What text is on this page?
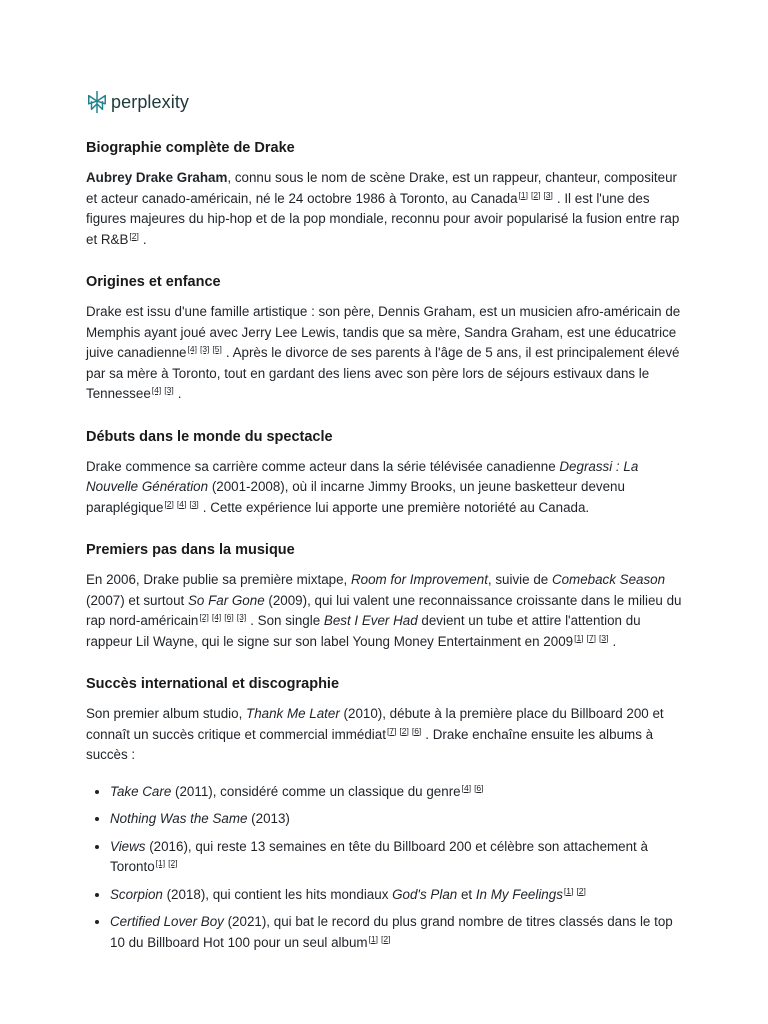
perplexity
Biographie complète de Drake

Aubrey Drake Graham, connu sous le nom de scène Drake, est un rappeur, chanteur, compositeur et acteur canado-américain, né le 24 octobre 1986 à Toronto, au Canada[1] [2] [3] . Il est l'une des figures majeures du hip-hop et de la pop mondiale, reconnu pour avoir popularisé la fusion entre rap et R&B[2] .

Origines et enfance

Drake est issu d'une famille artistique : son père, Dennis Graham, est un musicien afro-américain de Memphis ayant joué avec Jerry Lee Lewis, tandis que sa mère, Sandra Graham, est une éducatrice juive canadienne[4] [3] [5] . Après le divorce de ses parents à l'âge de 5 ans, il est principalement élevé par sa mère à Toronto, tout en gardant des liens avec son père lors de séjours estivaux dans le Tennessee[4] [3] .

Débuts dans le monde du spectacle

Drake commence sa carrière comme acteur dans la série télévisée canadienne Degrassi : La Nouvelle Génération (2001-2008), où il incarne Jimmy Brooks, un jeune basketteur devenu paraplégique[2] [4] [3] . Cette expérience lui apporte une première notoriété au Canada.

Premiers pas dans la musique

En 2006, Drake publie sa première mixtape, Room for Improvement, suivie de Comeback Season (2007) et surtout So Far Gone (2009), qui lui valent une reconnaissance croissante dans le milieu du rap nord-américain[2] [4] [6] [3] . Son single Best I Ever Had devient un tube et attire l'attention du rappeur Lil Wayne, qui le signe sur son label Young Money Entertainment en 2009[1] [7] [3] .

Succès international et discographie

Son premier album studio, Thank Me Later (2010), débute à la première place du Billboard 200 et connaît un succès critique et commercial immédiat[7] [2] [6] . Drake enchaîne ensuite les albums à succès :

• Take Care (2011), considéré comme un classique du genre[4] [6]
• Nothing Was the Same (2013)
• Views (2016), qui reste 13 semaines en tête du Billboard 200 et célèbre son attachement à Toronto[1] [2]
• Scorpion (2018), qui contient les hits mondiaux God's Plan et In My Feelings[1] [2]
• Certified Lover Boy (2021), qui bat le record du plus grand nombre de titres classés dans le top 10 du Billboard Hot 100 pour un seul album[1] [2]
